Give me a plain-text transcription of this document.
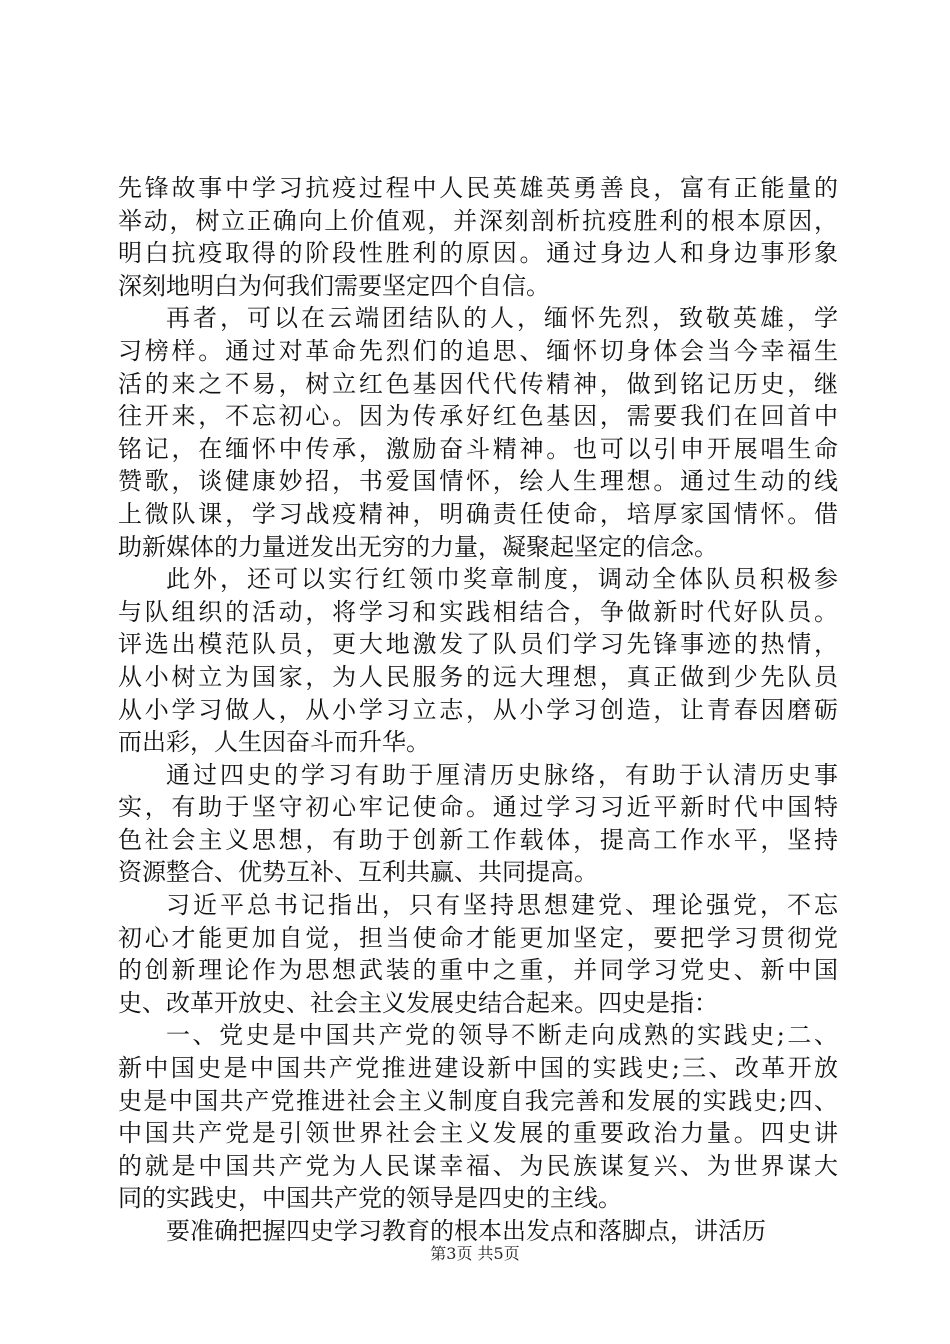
先锋故事中学习抗疫过程中人民英雄英勇善良，富有正能量的
举动，树立正确向上价值观，并深刻剖析抗疫胜利的根本原因，
明白抗疫取得的阶段性胜利的原因。通过身边人和身边事形象
深刻地明白为何我们需要坚定四个自信。
再者，可以在云端团结队的人，缅怀先烈，致敬英雄，学
习榜样。通过对革命先烈们的追思、缅怀切身体会当今幸福生
活的来之不易，树立红色基因代代传精神，做到铭记历史，继
往开来，不忘初心。因为传承好红色基因，需要我们在回首中
铭记，在缅怀中传承，激励奋斗精神。也可以引申开展唱生命
赞歌，谈健康妙招，书爱国情怀，绘人生理想。通过生动的线
上微队课，学习战疫精神，明确责任使命，培厚家国情怀。借
助新媒体的力量迸发出无穷的力量，凝聚起坚定的信念。
此外，还可以实行红领巾奖章制度，调动全体队员积极参
与队组织的活动，将学习和实践相结合，争做新时代好队员。
评选出模范队员，更大地激发了队员们学习先锋事迹的热情，
从小树立为国家，为人民服务的远大理想，真正做到少先队员
从小学习做人，从小学习立志，从小学习创造，让青春因磨砺
而出彩，人生因奋斗而升华。
通过四史的学习有助于厘清历史脉络，有助于认清历史事
实，有助于坚守初心牢记使命。通过学习习近平新时代中国特
色社会主义思想，有助于创新工作载体，提高工作水平，坚持
资源整合、优势互补、互利共赢、共同提高。
习近平总书记指出，只有坚持思想建党、理论强党，不忘
初心才能更加自觉，担当使命才能更加坚定，要把学习贯彻党
的创新理论作为思想武装的重中之重，并同学习党史、新中国
史、改革开放史、社会主义发展史结合起来。四史是指：
一、党史是中国共产党的领导不断走向成熟的实践史;二、
新中国史是中国共产党推进建设新中国的实践史;三、改革开放
史是中国共产党推进社会主义制度自我完善和发展的实践史;四、
中国共产党是引领世界社会主义发展的重要政治力量。四史讲
的就是中国共产党为人民谋幸福、为民族谋复兴、为世界谋大
同的实践史，中国共产党的领导是四史的主线。
要准确把握四史学习教育的根本出发点和落脚点，讲活历
第3页 共5页
